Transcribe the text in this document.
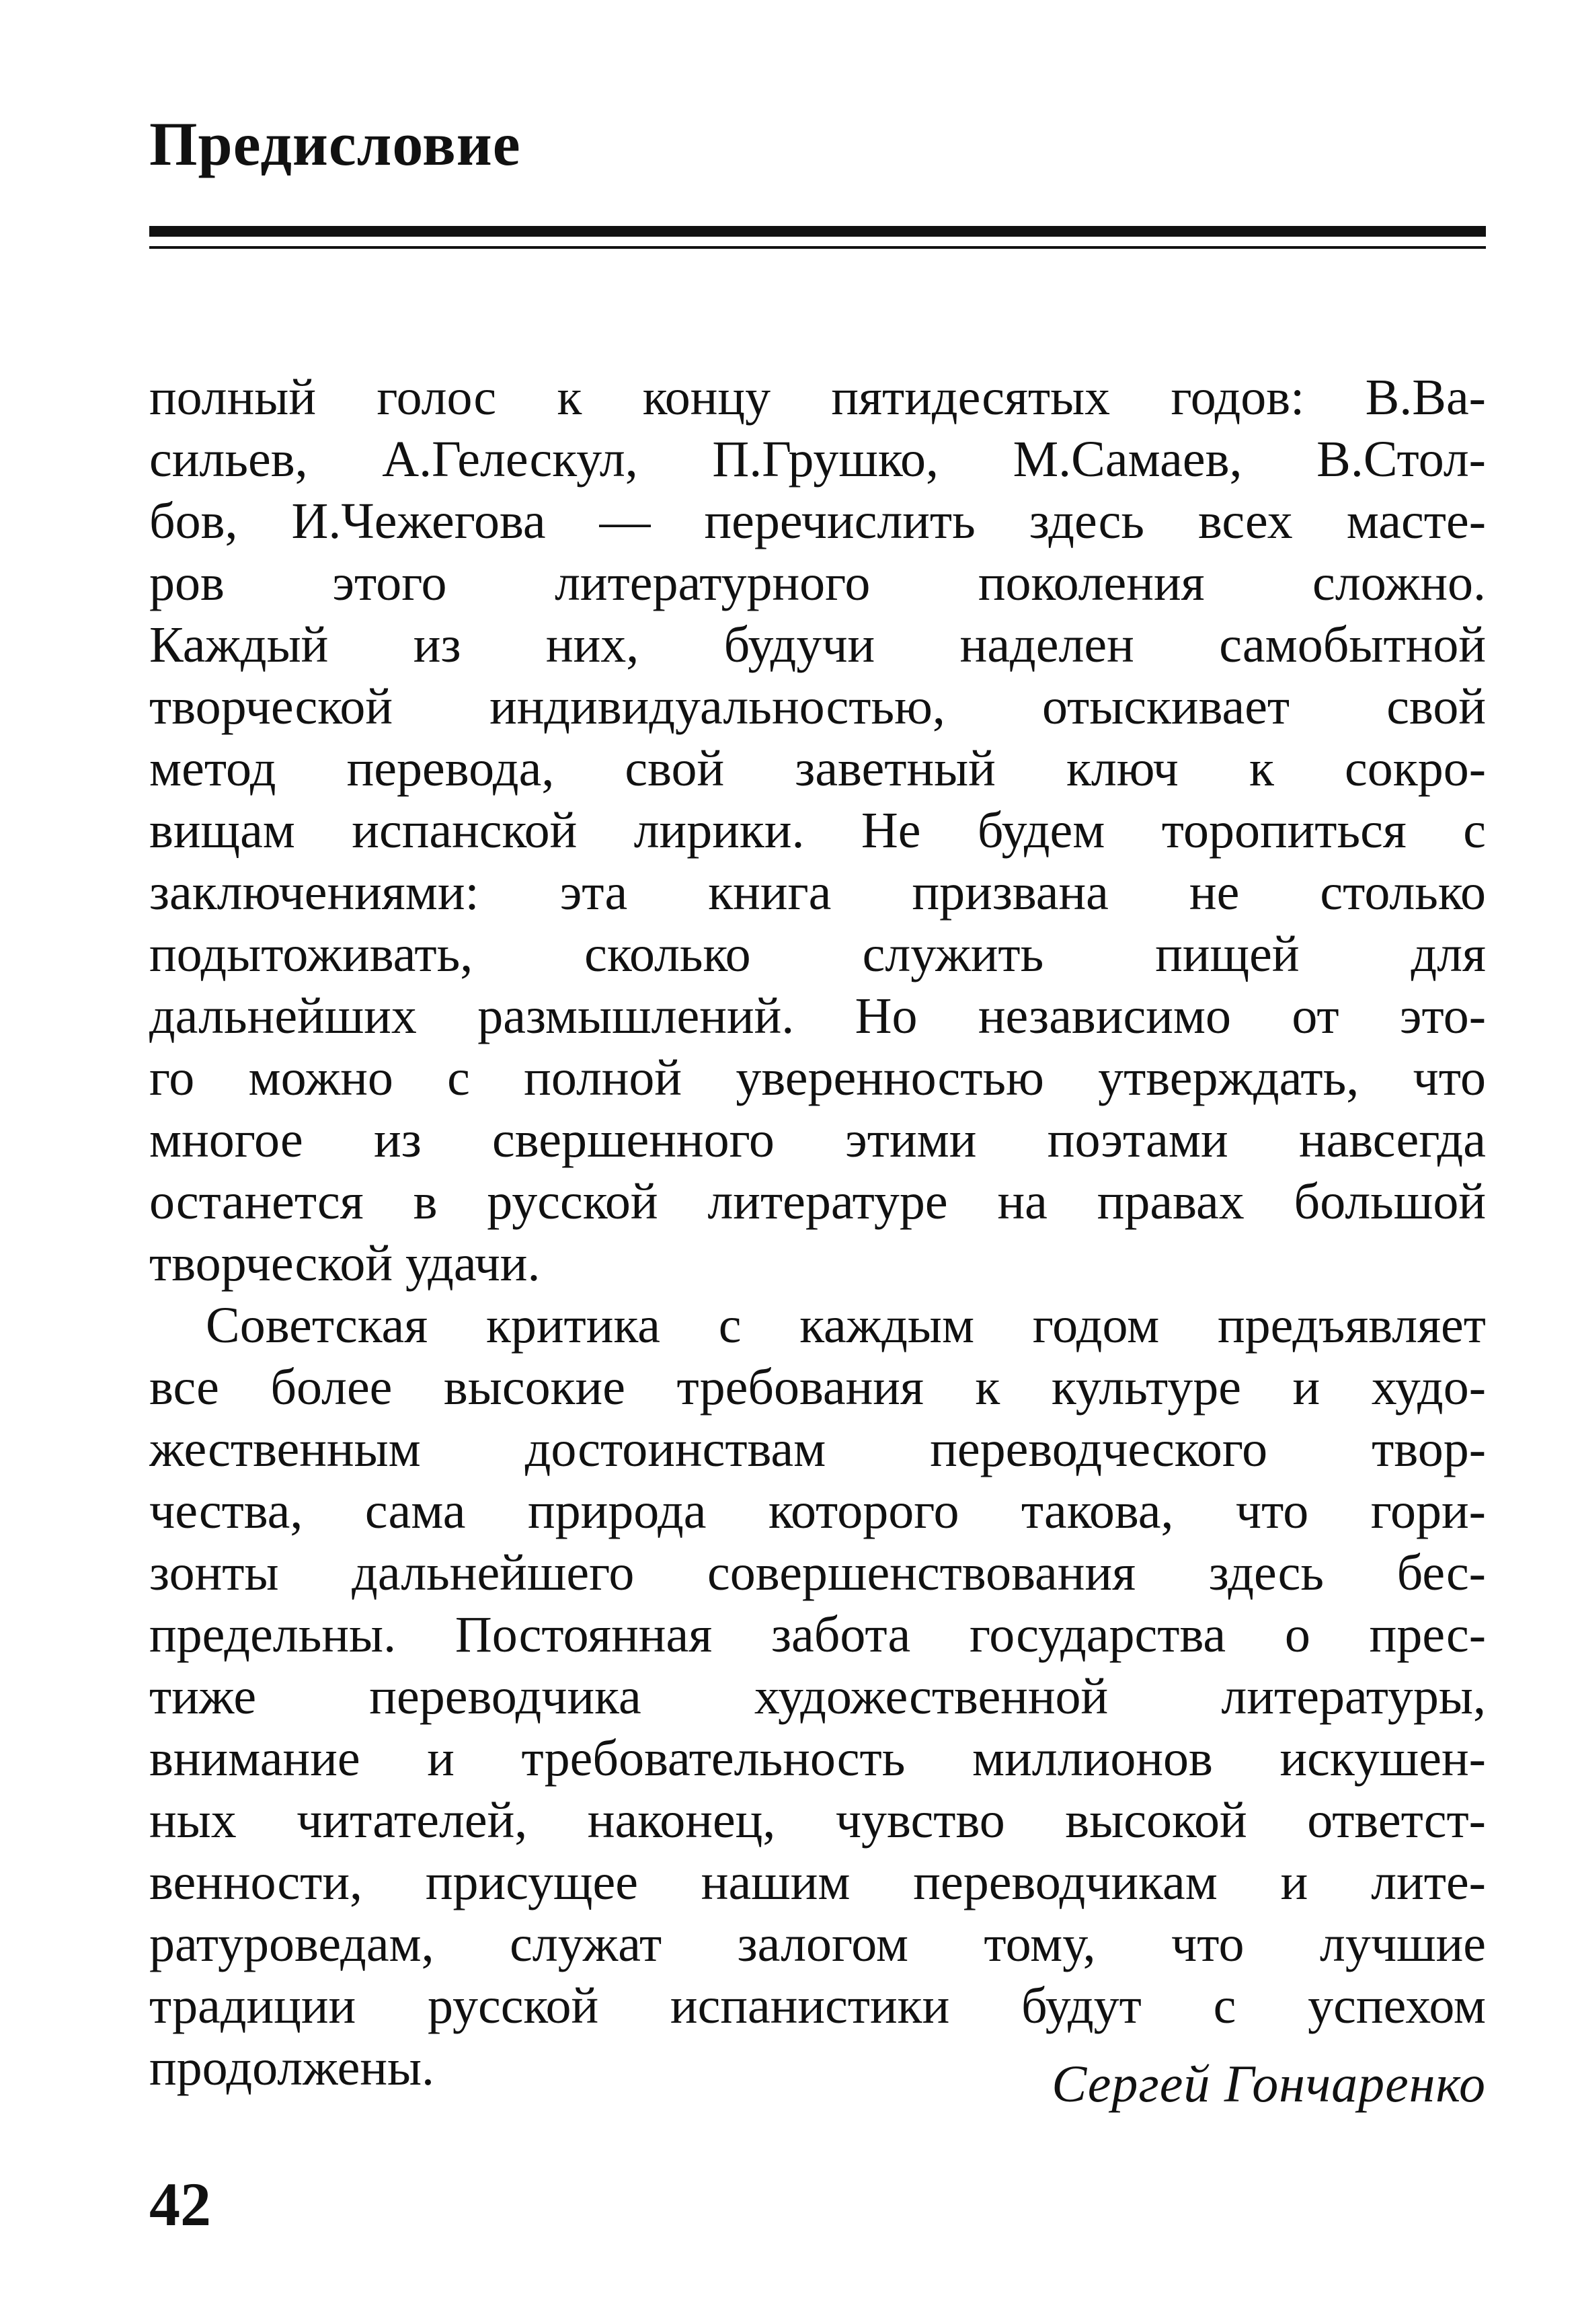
Предисловие
полный голос к концу пятидесятых годов: В.Ва-
сильев, А.Гелескул, П.Грушко, М.Самаев, В.Стол-
бов, И.Чежегова — перечислить здесь всех масте-
ров этого литературного поколения сложно.
Каждый из них, будучи наделен самобытной
творческой индивидуальностью, отыскивает свой
метод перевода, свой заветный ключ к сокро-
вищам испанской лирики. Не будем торопиться с
заключениями: эта книга призвана не столько
подытоживать, сколько служить пищей для
дальнейших размышлений. Но независимо от это-
го можно с полной уверенностью утверждать, что
многое из свершенного этими поэтами навсегда
останется в русской литературе на правах большой
творческой удачи.
Советская критика с каждым годом предъявляет
все более высокие требования к культуре и худо-
жественным достоинствам переводческого твор-
чества, сама природа которого такова, что гори-
зонты дальнейшего совершенствования здесь бес-
предельны. Постоянная забота государства о прес-
тиже переводчика художественной литературы,
внимание и требовательность миллионов искушен-
ных читателей, наконец, чувство высокой ответст-
венности, присущее нашим переводчикам и лите-
ратуроведам, служат залогом тому, что лучшие
традиции русской испанистики будут с успехом
продолжены.	Сергей Гончаренко
42
